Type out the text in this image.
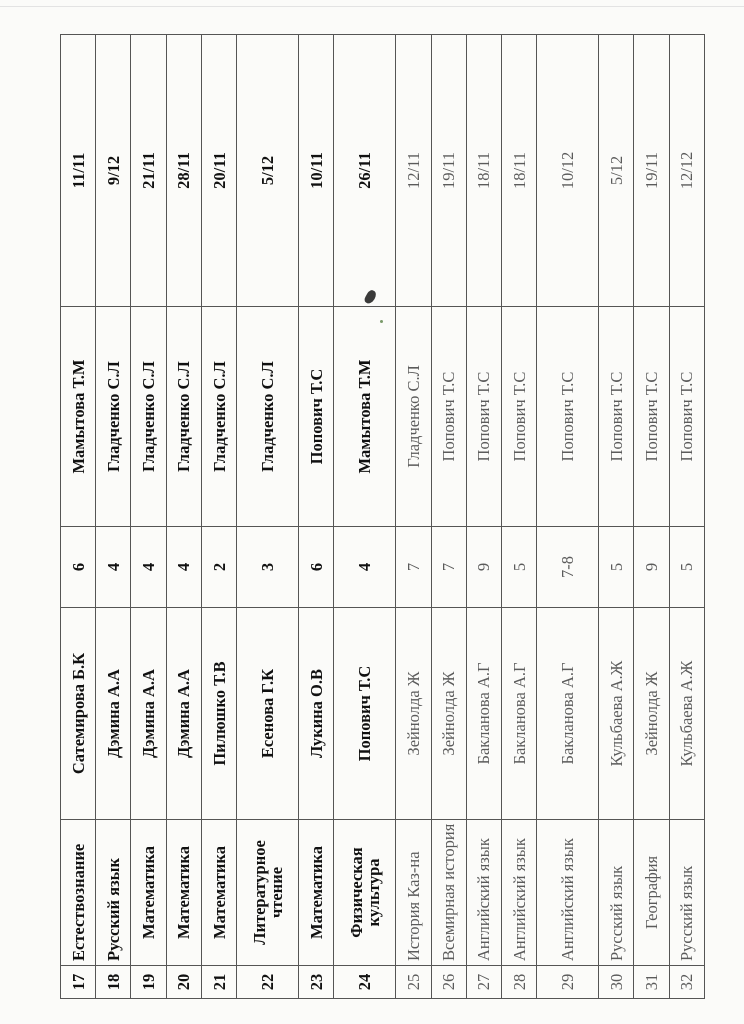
17	Естествознание	Сатемирова Б.К	6	Мамытова Т.М	11/11
18	Русский язык	Дэмина А.А	4	Гладченко С.Л	9/12
19	Математика	Дэмина А.А	4	Гладченко С.Л	21/11
20	Математика	Дэмина А.А	4	Гладченко С.Л	28/11
21	Математика	Пилюшко Т.В	2	Гладченко С.Л	20/11
22	Литературное чтение	Есенова Г.К	3	Гладченко С.Л	5/12
23	Математика	Лукина О.В	6	Попович Т.С	10/11
24	Физическая культура	Попович Т.С	4	Мамытова Т.М	26/11
25	История Каз-на	Зейнолда Ж	7	Гладченко С.Л	12/11
26	Всемирная история	Зейнолда Ж	7	Попович Т.С	19/11
27	Английский язык	Бакланова А.Г	9	Попович Т.С	18/11
28	Английский язык	Бакланова А.Г	5	Попович Т.С	18/11
29	Английский язык	Бакланова А.Г	7-8	Попович Т.С	10/12
30	Русский язык	Кульбаева А.Ж	5	Попович Т.С	5/12
31	География	Зейнолда Ж	9	Попович Т.С	19/11
32	Русский язык	Кульбаева А.Ж	5	Попович Т.С	12/12
